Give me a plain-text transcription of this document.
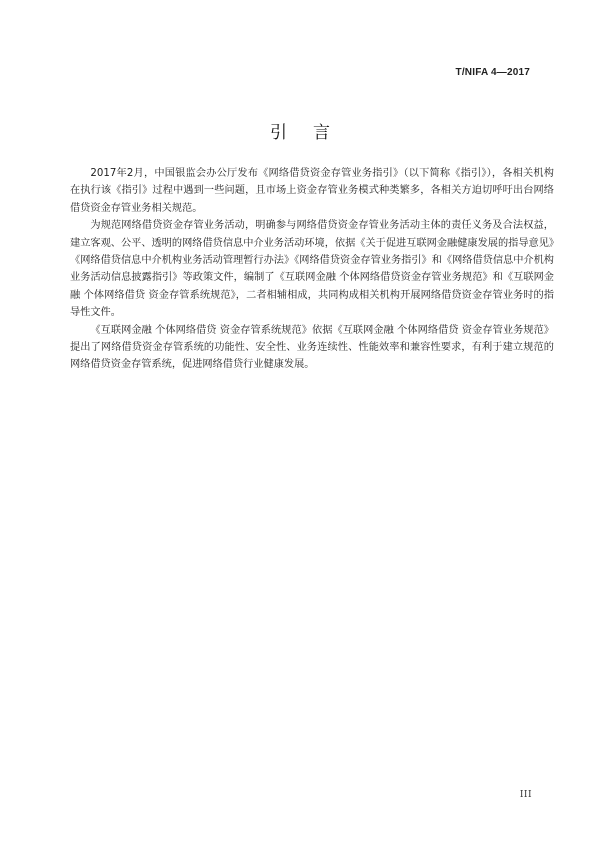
T/NIFA 4—2017
引言

2017年2月，中国银监会办公厅发布《网络借贷资金存管业务指引》（以下简称《指引》），各相关机构在执行该《指引》过程中遇到一些问题，且市场上资金存管业务模式种类繁多，各相关方迫切呼吁出台网络借贷资金存管业务相关规范。

为规范网络借贷资金存管业务活动，明确参与网络借贷资金存管业务活动主体的责任义务及合法权益，建立客观、公平、透明的网络借贷信息中介业务活动环境，依据《关于促进互联网金融健康发展的指导意见》《网络借贷信息中介机构业务活动管理暂行办法》《网络借贷资金存管业务指引》和《网络借贷信息中介机构业务活动信息披露指引》等政策文件，编制了《互联网金融 个体网络借贷资金存管业务规范》和《互联网金融 个体网络借贷 资金存管系统规范》，二者相辅相成，共同构成相关机构开展网络借贷资金存管业务时的指导性文件。

《互联网金融 个体网络借贷 资金存管系统规范》依据《互联网金融 个体网络借贷 资金存管业务规范》提出了网络借贷资金存管系统的功能性、安全性、业务连续性、性能效率和兼容性要求，有利于建立规范的网络借贷资金存管系统，促进网络借贷行业健康发展。

III
